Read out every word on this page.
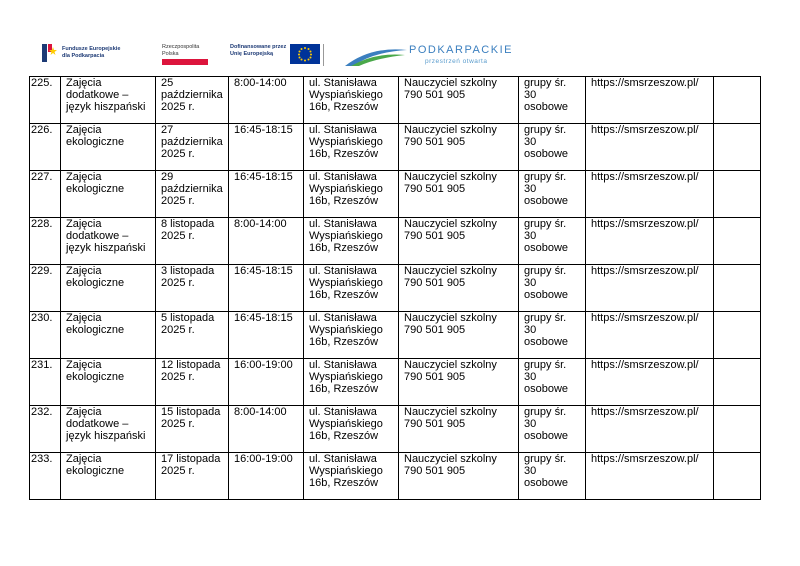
Fundusze Europejskie
dla Podkarpacia
Rzeczpospolita
Polska
Dofinansowane przez
Unię Europejską	PODKARPACKIE
przestrzeń otwarta
225.	Zajęcia dodatkowe – język hiszpański	25 października 2025 r.	8:00-14:00	ul. Stanisława Wyspiańskiego 16b, Rzeszów	Nauczyciel szkolny 790 501 905	grupy śr. 30 osobowe	https://smsrzeszow.pl/	
226.	Zajęcia ekologiczne	27 października 2025 r.	16:45-18:15	ul. Stanisława Wyspiańskiego 16b, Rzeszów	Nauczyciel szkolny 790 501 905	grupy śr. 30 osobowe	https://smsrzeszow.pl/	
227.	Zajęcia ekologiczne	29 października 2025 r.	16:45-18:15	ul. Stanisława Wyspiańskiego 16b, Rzeszów	Nauczyciel szkolny 790 501 905	grupy śr. 30 osobowe	https://smsrzeszow.pl/	
228.	Zajęcia dodatkowe – język hiszpański	8 listopada 2025 r.	8:00-14:00	ul. Stanisława Wyspiańskiego 16b, Rzeszów	Nauczyciel szkolny 790 501 905	grupy śr. 30 osobowe	https://smsrzeszow.pl/	
229.	Zajęcia ekologiczne	3 listopada 2025 r.	16:45-18:15	ul. Stanisława Wyspiańskiego 16b, Rzeszów	Nauczyciel szkolny 790 501 905	grupy śr. 30 osobowe	https://smsrzeszow.pl/	
230.	Zajęcia ekologiczne	5 listopada 2025 r.	16:45-18:15	ul. Stanisława Wyspiańskiego 16b, Rzeszów	Nauczyciel szkolny 790 501 905	grupy śr. 30 osobowe	https://smsrzeszow.pl/	
231.	Zajęcia ekologiczne	12 listopada 2025 r.	16:00-19:00	ul. Stanisława Wyspiańskiego 16b, Rzeszów	Nauczyciel szkolny 790 501 905	grupy śr. 30 osobowe	https://smsrzeszow.pl/	
232.	Zajęcia dodatkowe – język hiszpański	15 listopada 2025 r.	8:00-14:00	ul. Stanisława Wyspiańskiego 16b, Rzeszów	Nauczyciel szkolny 790 501 905	grupy śr. 30 osobowe	https://smsrzeszow.pl/	
233.	Zajęcia ekologiczne	17 listopada 2025 r.	16:00-19:00	ul. Stanisława Wyspiańskiego 16b, Rzeszów	Nauczyciel szkolny 790 501 905	grupy śr. 30 osobowe	https://smsrzeszow.pl/	
